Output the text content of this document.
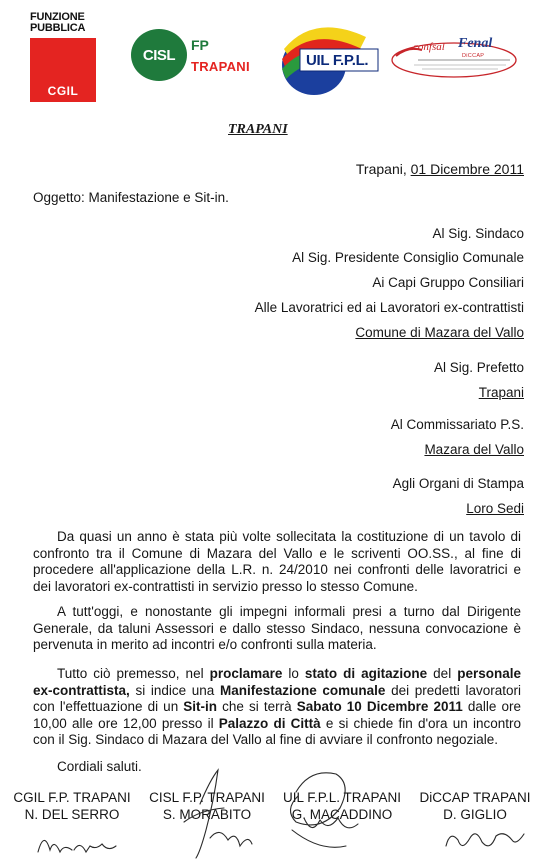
FUNZIONE
PUBBLICA
CGIL
CISL
FP
TRAPANI	UIL F.P.L.
confsal Fenal
DiCCAP
TRAPANI
Trapani, 01 Dicembre 2011
Oggetto: Manifestazione e Sit-in.
Al Sig. Sindaco
Al Sig. Presidente Consiglio Comunale
Ai Capi Gruppo Consiliari
Alle Lavoratrici ed ai Lavoratori ex-contrattisti
Comune di Mazara del Vallo
Al Sig. Prefetto
Trapani
Al Commissariato P.S.
Mazara del Vallo
Agli Organi di Stampa
Loro Sedi
Da quasi un anno è stata più volte sollecitata la costituzione di un tavolo di confronto tra il Comune di Mazara del Vallo e le scriventi OO.SS., al fine di procedere all'applicazione della L.R. n. 24/2010 nei confronti delle lavoratrici e dei lavoratori ex-contrattisti in servizio presso lo stesso Comune.
A tutt'oggi, e nonostante gli impegni informali presi a turno dal Dirigente Generale, da taluni Assessori e dallo stesso Sindaco, nessuna convocazione è pervenuta in merito ad incontri e/o confronti sulla materia.
Tutto ciò premesso, nel proclamare lo stato di agitazione del personale ex-contrattista, si indice una Manifestazione comunale dei predetti lavoratori con l'effettuazione di un Sit-in che si terrà Sabato 10 Dicembre 2011 dalle ore 10,00 alle ore 12,00 presso il Palazzo di Città e si chiede fin d'ora un incontro con il Sig. Sindaco di Mazara del Vallo al fine di avviare il confronto negoziale.
Cordiali saluti.
CGIL F.P. TRAPANI
N. DEL SERRO
CISL F.P. TRAPANI
S. MORABITO
UIL F.P.L. TRAPANI
G. MACADDINO
DiCCAP TRAPANI
D. GIGLIO
